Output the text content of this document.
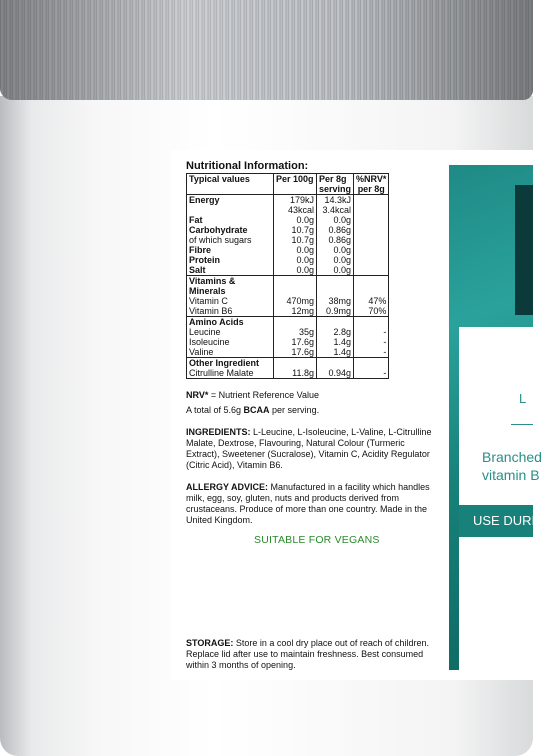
L
Branched
vitamin B
USE DURIN
Nutritional Information:
Typical values	Per 100g	Per 8g serving	%NRV* per 8g
Energy	179kJ	14.3kJ	
	43kcal	3.4kcal	
Fat	0.0g	0.0g	
Carbohydrate	10.7g	0.86g	
of which sugars	10.7g	0.86g	
Fibre	0.0g	0.0g	
Protein	0.0g	0.0g	
Salt	0.0g	0.0g	
Vitamins & Minerals			
Vitamin C	470mg	38mg	47%
Vitamin B6	12mg	0.9mg	70%
Amino Acids			
Leucine	35g	2.8g	-
Isoleucine	17.6g	1.4g	-
Valine	17.6g	1.4g	-
Other Ingredient			
Citrulline Malate	11.8g	0.94g	-
NRV* = Nutrient Reference Value
A total of 5.6g BCAA per serving.
INGREDIENTS: L-Leucine, L-Isoleucine, L-Valine, L-Citrulline Malate, Dextrose, Flavouring, Natural Colour (Turmeric Extract), Sweetener (Sucralose), Vitamin C, Acidity Regulator (Citric Acid), Vitamin B6.
ALLERGY ADVICE: Manufactured in a facility which handles milk, egg, soy, gluten, nuts and products derived from crustaceans. Produce of more than one country. Made in the United Kingdom.
SUITABLE FOR VEGANS
STORAGE: Store in a cool dry place out of reach of children. Replace lid after use to maintain freshness. Best consumed within 3 months of opening.
